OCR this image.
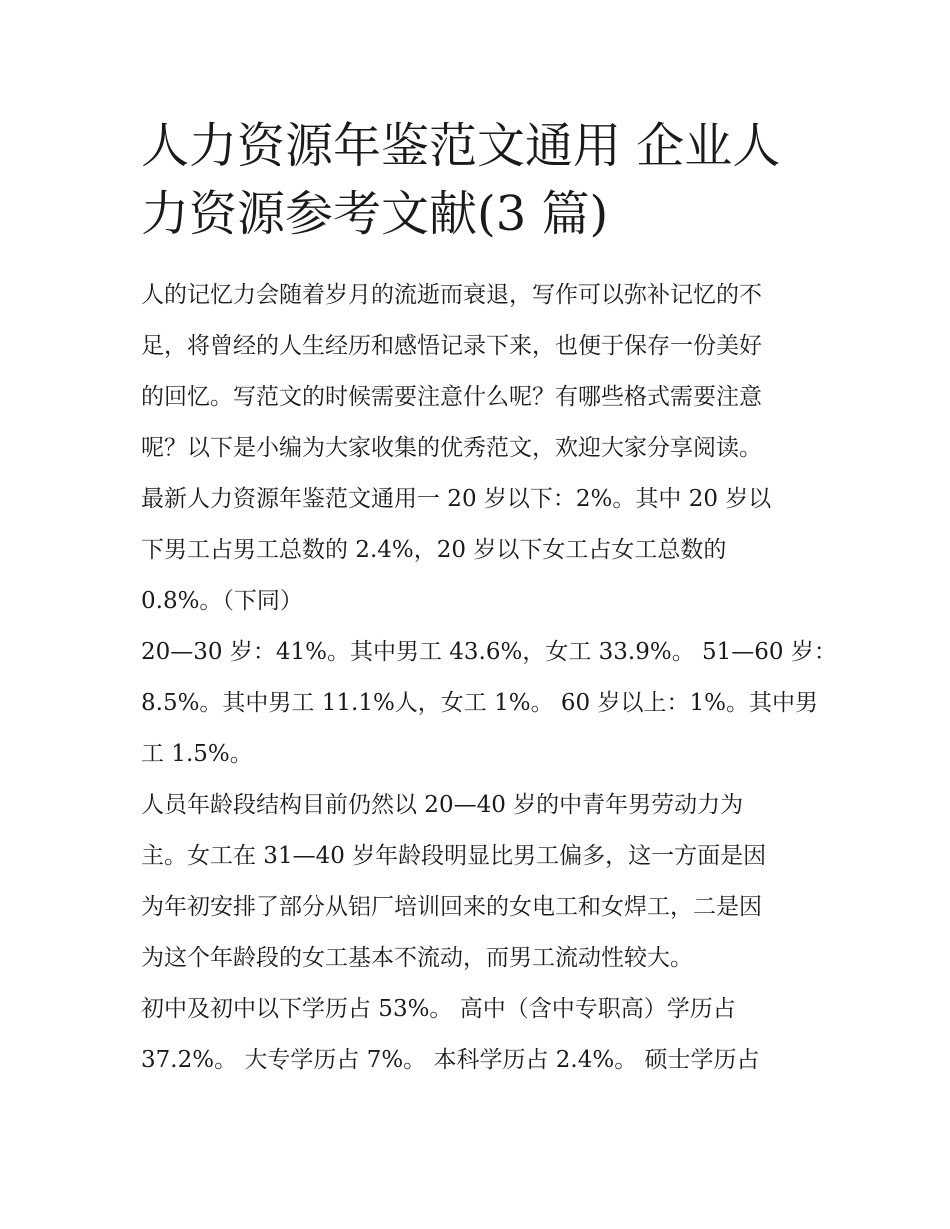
人力资源年鉴范文通用 企业人
力资源参考文献(3 篇)

人的记忆力会随着岁月的流逝而衰退，写作可以弥补记忆的不
足，将曾经的人生经历和感悟记录下来，也便于保存一份美好
的回忆。写范文的时候需要注意什么呢？有哪些格式需要注意
呢？以下是小编为大家收集的优秀范文，欢迎大家分享阅读。

最新人力资源年鉴范文通用一 20 岁以下：2%。其中 20 岁以
下男工占男工总数的 2.4%，20 岁以下女工占女工总数的
0.8%。（下同）

20—30 岁：41%。其中男工 43.6%，女工 33.9%。 51—60 岁：
8.5%。其中男工 11.1%人，女工 1%。 60 岁以上：1%。其中男
工 1.5%。

人员年龄段结构目前仍然以 20—40 岁的中青年男劳动力为
主。女工在 31—40 岁年龄段明显比男工偏多，这一方面是因
为年初安排了部分从铝厂培训回来的女电工和女焊工，二是因
为这个年龄段的女工基本不流动，而男工流动性较大。

初中及初中以下学历占 53%。 高中（含中专职高）学历占
37.2%。 大专学历占 7%。 本科学历占 2.4%。 硕士学历占
